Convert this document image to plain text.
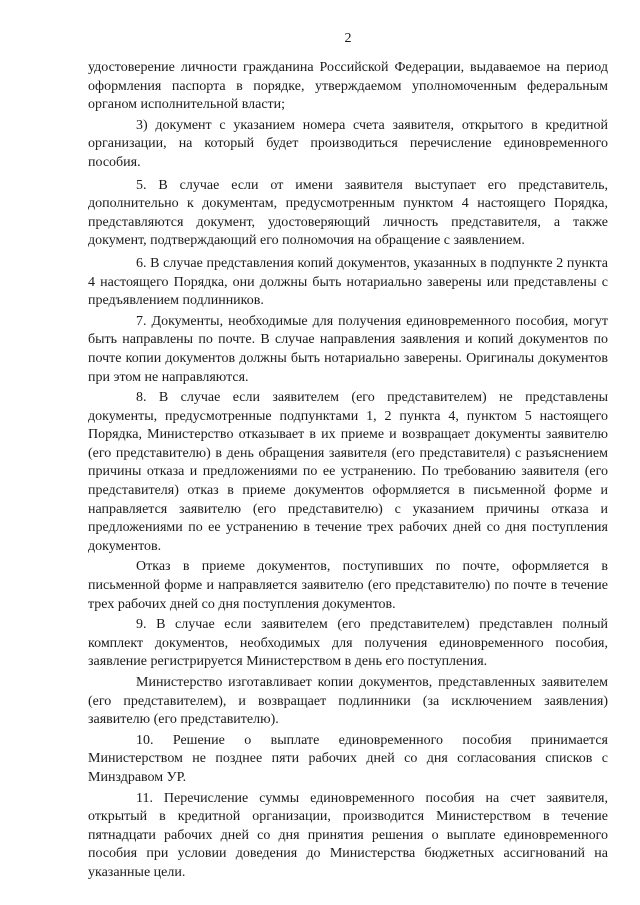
2

удостоверение личности гражданина Российской Федерации, выдаваемое на период оформления паспорта в порядке, утверждаемом уполномоченным федеральным органом исполнительной власти;

3) документ с указанием номера счета заявителя, открытого в кредитной организации, на который будет производиться перечисление единовременного пособия.

5. В случае если от имени заявителя выступает его представитель, дополнительно к документам, предусмотренным пунктом 4 настоящего Порядка, представляются документ, удостоверяющий личность представителя, а также документ, подтверждающий его полномочия на обращение с заявлением.

6. В случае представления копий документов, указанных в подпункте 2 пункта 4 настоящего Порядка, они должны быть нотариально заверены или представлены с предъявлением подлинников.

7. Документы, необходимые для получения единовременного пособия, могут быть направлены по почте. В случае направления заявления и копий документов по почте копии документов должны быть нотариально заверены. Оригиналы документов при этом не направляются.

8. В случае если заявителем (его представителем) не представлены документы, предусмотренные подпунктами 1, 2 пункта 4, пунктом 5 настоящего Порядка, Министерство отказывает в их приеме и возвращает документы заявителю (его представителю) в день обращения заявителя (его представителя) с разъяснением причины отказа и предложениями по ее устранению. По требованию заявителя (его представителя) отказ в приеме документов оформляется в письменной форме и направляется заявителю (его представителю) с указанием причины отказа и предложениями по ее устранению в течение трех рабочих дней со дня поступления документов.

Отказ в приеме документов, поступивших по почте, оформляется в письменной форме и направляется заявителю (его представителю) по почте в течение трех рабочих дней со дня поступления документов.

9. В случае если заявителем (его представителем) представлен полный комплект документов, необходимых для получения единовременного пособия, заявление регистрируется Министерством в день его поступления.

Министерство изготавливает копии документов, представленных заявителем (его представителем), и возвращает подлинники (за исключением заявления) заявителю (его представителю).

10. Решение о выплате единовременного пособия принимается Министерством не позднее пяти рабочих дней со дня согласования списков с Минздравом УР.

11. Перечисление суммы единовременного пособия на счет заявителя, открытый в кредитной организации, производится Министерством в течение пятнадцати рабочих дней со дня принятия решения о выплате единовременного пособия при условии доведения до Министерства бюджетных ассигнований на указанные цели.
